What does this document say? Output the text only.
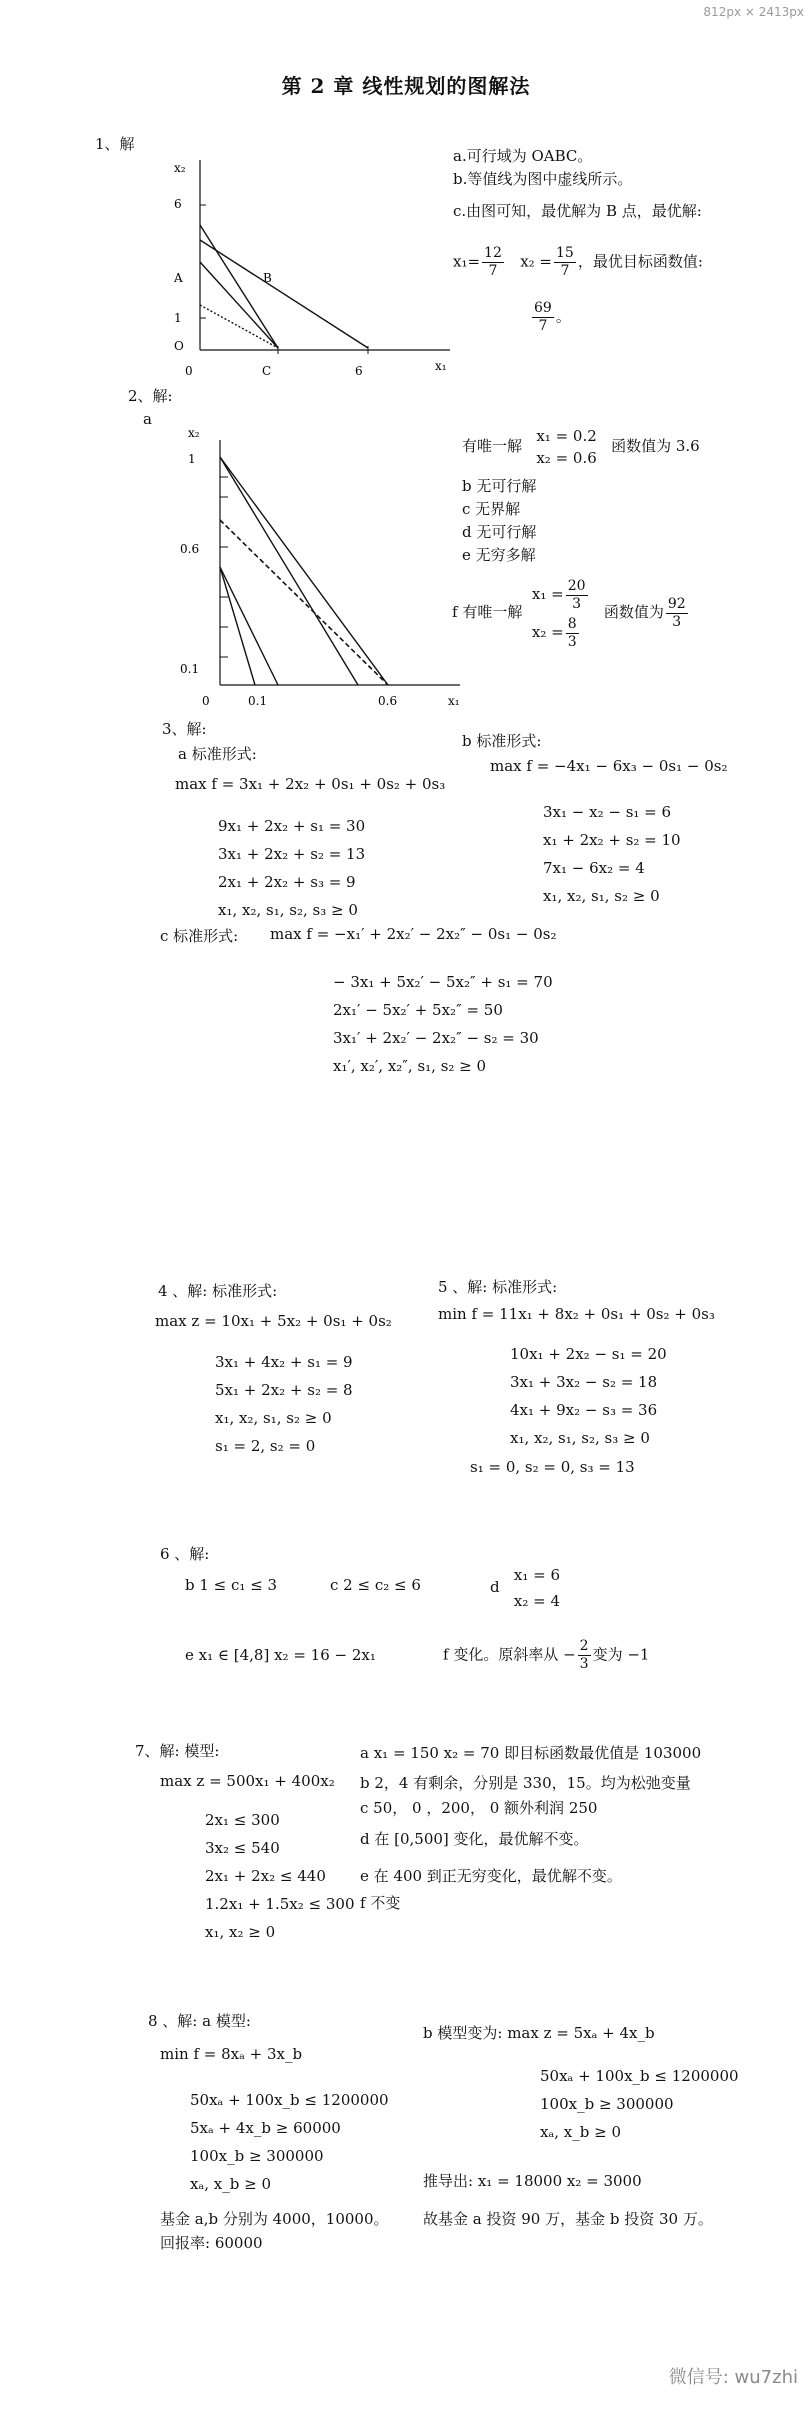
812px × 2413px
第 2 章 线性规划的图解法
1、解
x₂
x₁
6
A
1
O
0	C	6
B
a.可行域为 OABC。
b.等值线为图中虚线所示。
c.由图可知，最优解为 B 点，最优解:
$x_1= \frac{12}{7} x_2 = \frac{15}{7}$ ，最优目标函数值:
$\frac{69}{7}$ 。
2、解:
a
x₂
x₁
1
0.6
0.1
0	0.1	0.6
有唯一解
x₁ = 0.2
x₂ = 0.6
函数值为 3.6
b 无可行解
c 无界解
d 无可行解
e 无穷多解
f 有唯一解
$x_1 = \frac{20}{3}$
$x_2 = \frac{8}{3}$
函数值为 $\frac{92}{3}$
3、解:
a 标准形式:
max f = 3x₁ + 2x₂ + 0s₁ + 0s₂ + 0s₃
9x₁ + 2x₂ + s₁ = 30
3x₁ + 2x₂ + s₂ = 13
2x₁ + 2x₂ + s₃ = 9
x₁, x₂, s₁, s₂, s₃ ≥ 0
b 标准形式:
max f = −4x₁ − 6x₃ − 0s₁ − 0s₂
3x₁ − x₂ − s₁ = 6
x₁ + 2x₂ + s₂ = 10
7x₁ − 6x₂ = 4
x₁, x₂, s₁, s₂ ≥ 0
c 标准形式: max f = −x₁′ + 2x₂′ − 2x₂″ − 0s₁ − 0s₂
− 3x₁ + 5x₂′ − 5x₂″ + s₁ = 70
2x₁′ − 5x₂′ + 5x₂″ = 50
3x₁′ + 2x₂′ − 2x₂″ − s₂ = 30
x₁′, x₂′, x₂″, s₁, s₂ ≥ 0
4 、解: 标准形式:
max z = 10x₁ + 5x₂ + 0s₁ + 0s₂
3x₁ + 4x₂ + s₁ = 9
5x₁ + 2x₂ + s₂ = 8
x₁, x₂, s₁, s₂ ≥ 0
s₁ = 2, s₂ = 0
5 、解: 标准形式:
min f = 11x₁ + 8x₂ + 0s₁ + 0s₂ + 0s₃
10x₁ + 2x₂ − s₁ = 20
3x₁ + 3x₂ − s₂ = 18
4x₁ + 9x₂ − s₃ = 36
x₁, x₂, s₁, s₂, s₃ ≥ 0
s₁ = 0, s₂ = 0, s₃ = 13
6 、解:
b 1 ≤ c₁ ≤ 3	c 2 ≤ c₂ ≤ 6	d
x₁ = 6
x₂ = 4
e x₁ ∈ [4,8] x₂ = 16 − 2x₁	f 变化。原斜率从 − $\frac{2}{3}$ 变为 −1
7、解: 模型:
max z = 500x₁ + 400x₂
2x₁ ≤ 300
3x₂ ≤ 540
2x₁ + 2x₂ ≤ 440
1.2x₁ + 1.5x₂ ≤ 300
x₁, x₂ ≥ 0
a x₁ = 150 x₂ = 70 即目标函数最优值是 103000
b 2，4 有剩余，分别是 330，15。均为松弛变量
c 50， 0 ，200， 0 额外利润 250
d 在 [0,500] 变化，最优解不变。
e 在 400 到正无穷变化，最优解不变。
f 不变
8 、解: a 模型:
min f = 8xₐ + 3x_b
50xₐ + 100x_b ≤ 1200000
5xₐ + 4x_b ≥ 60000
100x_b ≥ 300000
xₐ, x_b ≥ 0
基金 a,b 分别为 4000，10000。
回报率: 60000
b 模型变为: max z = 5xₐ + 4x_b
50xₐ + 100x_b ≤ 1200000
100x_b ≥ 300000
xₐ, x_b ≥ 0
推导出: x₁ = 18000 x₂ = 3000
故基金 a 投资 90 万，基金 b 投资 30 万。
微信号: wu7zhi
